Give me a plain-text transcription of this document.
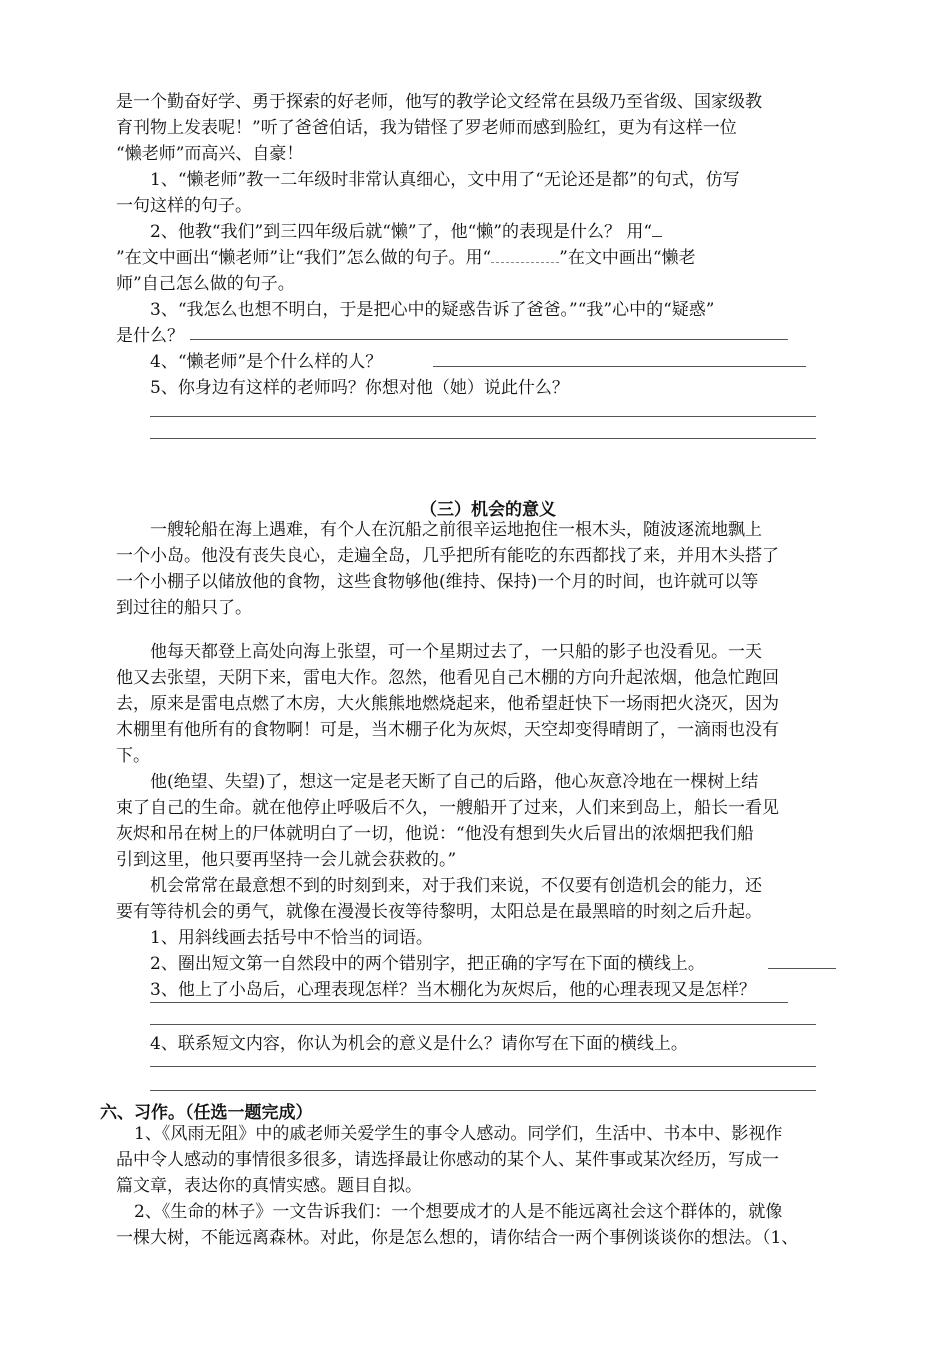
是一个勤奋好学、勇于探索的好老师，他写的教学论文经常在县级乃至省级、国家级教
育刊物上发表呢！”听了爸爸伯话，我为错怪了罗老师而感到脸红，更为有这样一位
“懒老师”而高兴、自豪！
1、“懒老师”教一二年级时非常认真细心，文中用了“无论还是都”的句式，仿写
一句这样的句子。
2、他教“我们”到三四年级后就“懒”了，他“懒”的表现是什么？ 用“
”在文中画出“懒老师”让“我们”怎么做的句子。用“	”在文中画出“懒老
师”自己怎么做的句子。
3、“我怎么也想不明白，于是把心中的疑惑告诉了爸爸。”“我”心中的“疑惑”
是什么？
4、“懒老师”是个什么样的人？
5、你身边有这样的老师吗？你想对他（她）说此什么？
（三）机会的意义
一艘轮船在海上遇难，有个人在沉船之前很辛运地抱住一根木头，随波逐流地飘上
一个小岛。他没有丧失良心，走遍全岛，几乎把所有能吃的东西都找了来，并用木头搭了
一个小棚子以储放他的食物，这些食物够他(维持、保持)一个月的时间，也许就可以等
到过往的船只了。
他每天都登上高处向海上张望，可一个星期过去了，一只船的影子也没看见。一天
他又去张望，天阴下来，雷电大作。忽然，他看见自己木棚的方向升起浓烟，他急忙跑回
去，原来是雷电点燃了木房，大火熊熊地燃烧起来，他希望赶快下一场雨把火浇灭，因为
木棚里有他所有的食物啊！可是，当木棚子化为灰烬，天空却变得晴朗了，一滴雨也没有
下。
他(绝望、失望)了，想这一定是老天断了自己的后路，他心灰意冷地在一棵树上结
束了自己的生命。就在他停止呼吸后不久，一艘船开了过来，人们来到岛上，船长一看见
灰烬和吊在树上的尸体就明白了一切，他说：“他没有想到失火后冒出的浓烟把我们船
引到这里，他只要再坚持一会儿就会获救的。”
机会常常在最意想不到的时刻到来，对于我们来说，不仅要有创造机会的能力，还
要有等待机会的勇气，就像在漫漫长夜等待黎明，太阳总是在最黑暗的时刻之后升起。
1、用斜线画去括号中不恰当的词语。
2、圈出短文第一自然段中的两个错别字，把正确的字写在下面的横线上。
3、他上了小岛后，心理表现怎样？当木棚化为灰烬后，他的心理表现又是怎样？
4、联系短文内容，你认为机会的意义是什么？请你写在下面的横线上。
六、习作。（任选一题完成）
1、《风雨无阻》中的戚老师关爱学生的事令人感动。同学们，生活中、书本中、影视作
品中令人感动的事情很多很多，请选择最让你感动的某个人、某件事或某次经历，写成一
篇文章，表达你的真情实感。题目自拟。
2、《生命的林子》一文告诉我们：一个想要成才的人是不能远离社会这个群体的，就像
一棵大树，不能远离森林。对此，你是怎么想的，请你结合一两个事例谈谈你的想法。（1、
